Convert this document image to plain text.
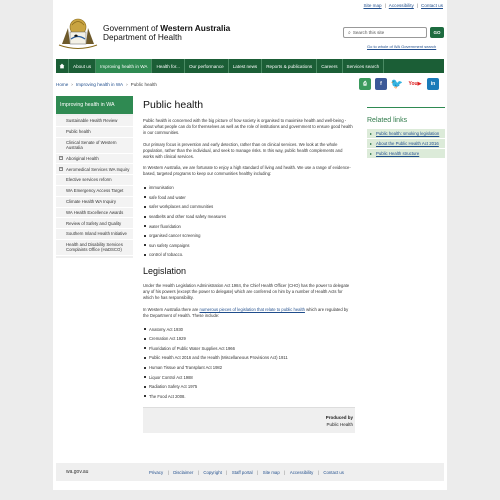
Site map | Accessibility | Contact us
Government of Western Australia
Department of Health	⌕ Search this site	GO
Go to whole of WA Government search
About us	Improving health in WA	Health for...	Our performance	Latest news	Reports & publications	Careers	Services search
Home › Improving health in WA › Public health	⎙	f 🐦	You▶	in
Improving health in WA
Sustainable Health Review
Public health
Clinical Senate of Western Australia
+ Aboriginal Health
+ Aeromedical Services WA Inquiry
Elective services reform
WA Emergency Access Target
Climate Health WA Inquiry
WA Health Excellence Awards
Review of Safety and Quality
Southern Inland Health Initiative
Health and Disability Services Complaints Office (HaDSCO)
Public health

Public health is concerned with the big picture of how society is organised to maximise health and well-being - about what people can do for themselves as well as the role of institutions and government to ensure good health in our communities.

Our primary focus is prevention and early detection, rather than on clinical services. We look at the whole population, rather than the individual, and seek to manage risks. In this way, public health complements and works with clinical services.

In Western Australia, we are fortunate to enjoy a high standard of living and health. We use a range of evidence-based, targeted programs to keep our communities healthy including:

immunisation
safe food and water
safer workplaces and communities
seatbelts and other road safety measures
water fluoridation
organised cancer screening
sun safety campaigns
control of tobacco.
Legislation

Under the Health Legislation Administration Act 1984, the Chief Health Officer (CHO) has the power to delegate any of his powers (except the power to delegate) which are conferred on him by a number of Health Acts for which he has responsibility.

In Western Australia there are numerous pieces of legislation that relate to public health which are regulated by the Department of Health. These include:

Anatomy Act 1930
Cremation Act 1929
Fluoridation of Public Water Supplies Act 1966
Public Health Act 2016 and the Health (Miscellaneous Provisions Act) 1911
Human Tissue and Transplant Act 1982
Liquor Control Act 1988
Radiation Safety Act 1975
The Food Act 2008.
Produced by
Public Health
Related links
▸ Public health: smoking legislation
▸ About the Public Health Act 2016
▸ Public Health structure
wa.gov.au	Privacy | Disclaimer | Copyright | Staff portal | Site map | Accessibility | Contact us
